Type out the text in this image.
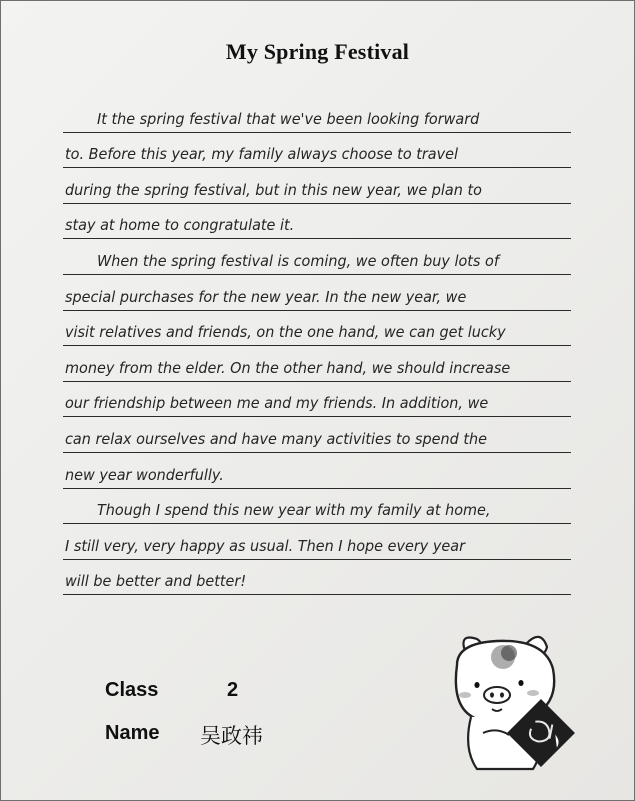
My Spring Festival
It the spring festival that we've been looking forward
to. Before this year, my family always choose to travel
during the spring festival, but in this new year, we plan to
stay at home to congratulate it.
When the spring festival is coming, we often buy lots of
special purchases for the new year. In the new year, we
visit relatives and friends, on the one hand, we can get lucky
money from the elder. On the other hand, we should increase
our friendship between me and my friends. In addition, we
can relax ourselves and have many activities to spend the
new year wonderfully.
Though I spend this new year with my family at home,
I still very, very happy as usual. Then I hope every year
will be better and better!
Class	2
Name 吴政祎
